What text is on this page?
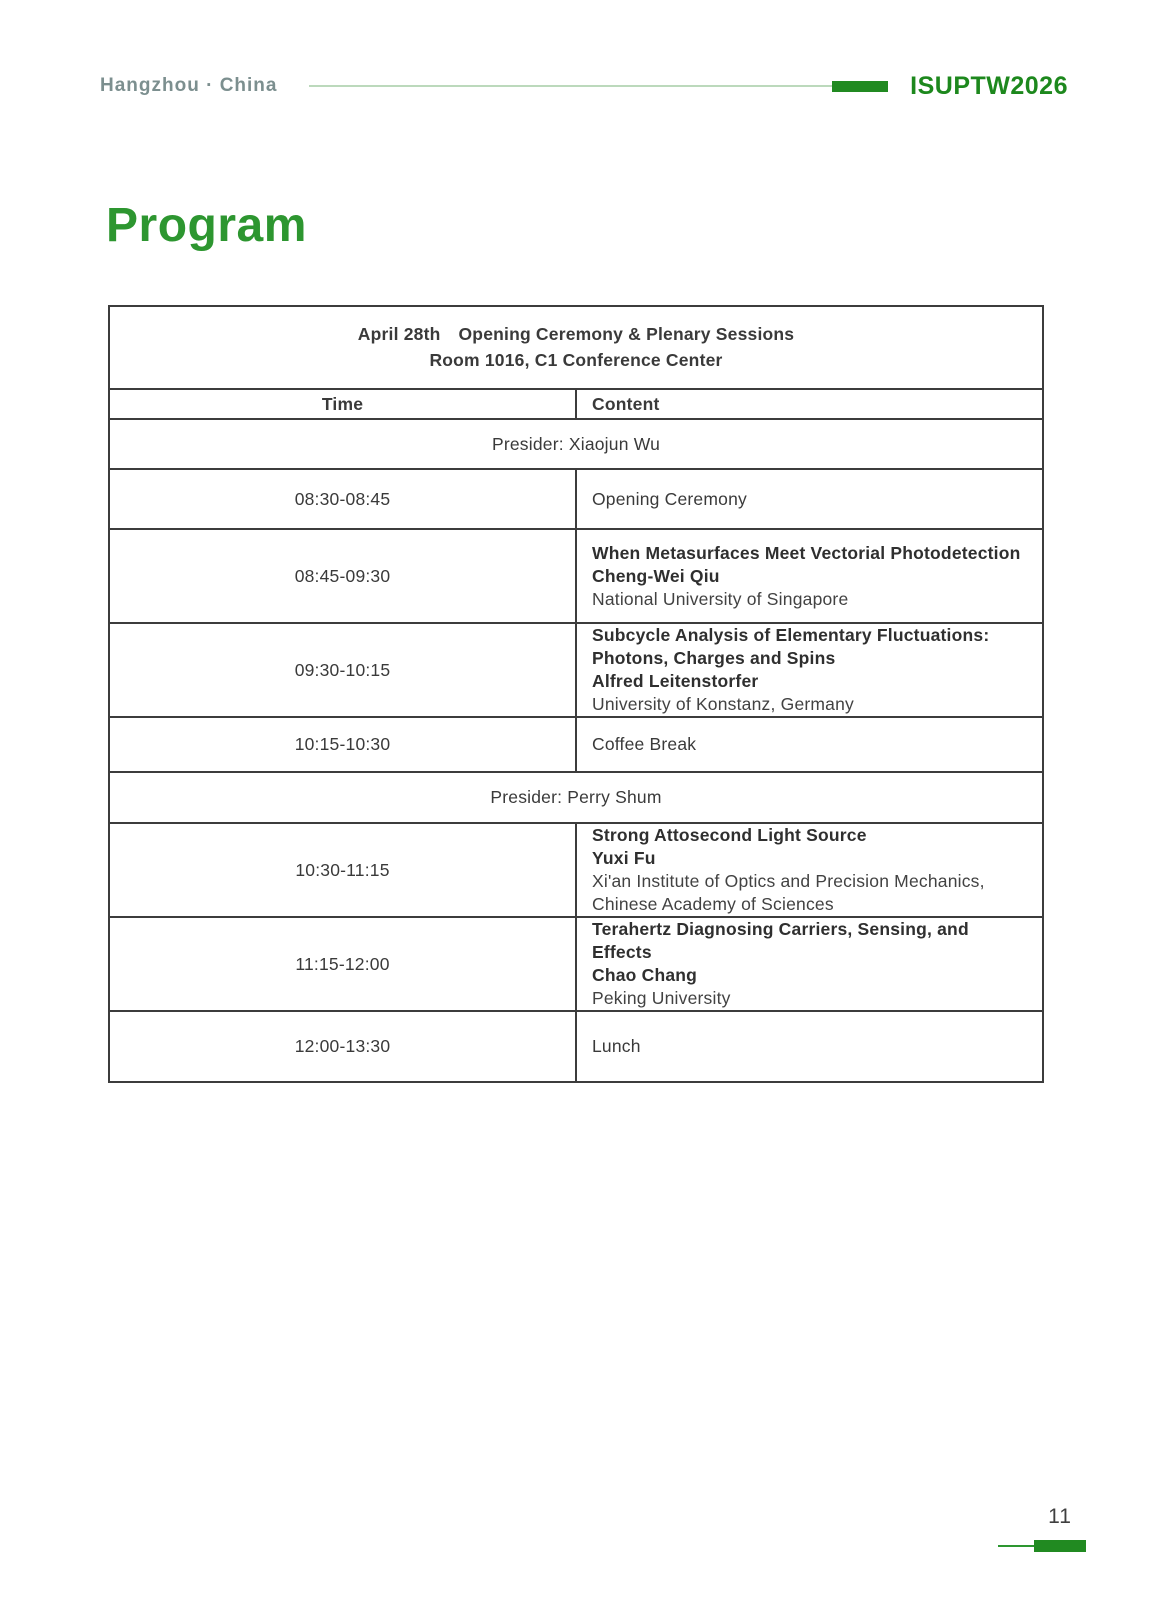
Hangzhou · China	ISUPTW2026
Program
April 28th Opening Ceremony & Plenary Sessions
Room 1016, C1 Conference Center	

Time	Content
Presider: Xiaojun Wu	
08:30-08:45	Opening Ceremony
08:45-09:30	When Metasurfaces Meet Vectorial Photodetection
Cheng-Wei Qiu
National University of Singapore

09:30-10:15	Subcycle Analysis of Elementary Fluctuations: Photons, Charges and Spins
Alfred Leitenstorfer
University of Konstanz, Germany

10:15-10:30	Coffee Break
Presider: Perry Shum	
10:30-11:15	Strong Attosecond Light Source
Yuxi Fu
Xi'an Institute of Optics and Precision Mechanics, Chinese Academy of Sciences

11:15-12:00	Terahertz Diagnosing Carriers, Sensing, and Effects
Chao Chang
Peking University

12:00-13:30	Lunch
11
